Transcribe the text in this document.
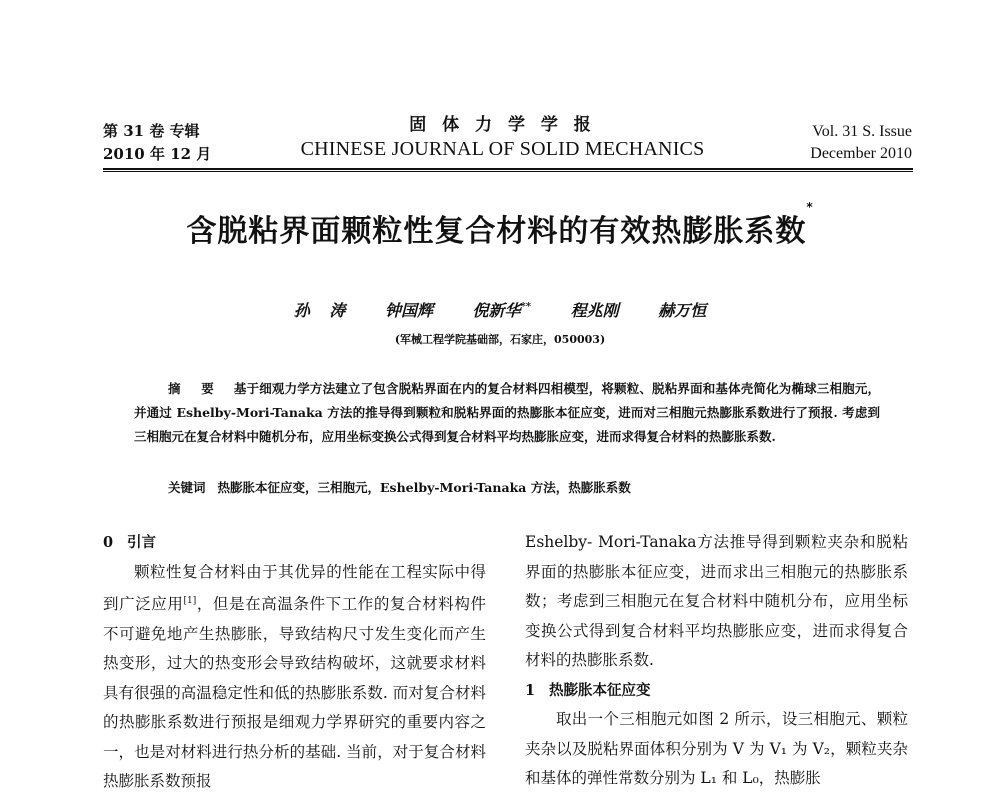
第 31 卷 专辑
2010 年 12 月
固 体 力 学 学 报
CHINESE JOURNAL OF SOLID MECHANICS
Vol. 31 S. Issue
December 2010
含脱粘界面颗粒性复合材料的有效热膨胀系数*
孙 涛 钟国辉 倪新华** 程兆刚 赫万恒
(军械工程学院基础部，石家庄，050003)
摘 要 基于细观力学方法建立了包含脱粘界面在内的复合材料四相模型，将颗粒、脱粘界面和基体壳简化为椭球三相胞元，并通过 Eshelby-Mori-Tanaka 方法的推导得到颗粒和脱粘界面的热膨胀本征应变，进而对三相胞元热膨胀系数进行了预报. 考虑到三相胞元在复合材料中随机分布，应用坐标变换公式得到复合材料平均热膨胀应变，进而求得复合材料的热膨胀系数.
关键词 热膨胀本征应变，三相胞元，Eshelby-Mori-Tanaka 方法，热膨胀系数
0 引言
颗粒性复合材料由于其优异的性能在工程实际中得到广泛应用[1]，但是在高温条件下工作的复合材料构件不可避免地产生热膨胀，导致结构尺寸发生变化而产生热变形，过大的热变形会导致结构破坏，这就要求材料具有很强的高温稳定性和低的热膨胀系数. 而对复合材料的热膨胀系数进行预报是细观力学界研究的重要内容之一，也是对材料进行热分析的基础. 当前，对于复合材料热膨胀系数预报
Eshelby- Mori-Tanaka方法推导得到颗粒夹杂和脱粘界面的热膨胀本征应变，进而求出三相胞元的热膨胀系数；考虑到三相胞元在复合材料中随机分布，应用坐标变换公式得到复合材料平均热膨胀应变，进而求得复合材料的热膨胀系数.
1 热膨胀本征应变
取出一个三相胞元如图 2 所示，设三相胞元、颗粒夹杂以及脱粘界面体积分别为 V 为 V₁ 为 V₂，颗粒夹杂和基体的弹性常数分别为 L₁ 和 L₀，热膨胀
